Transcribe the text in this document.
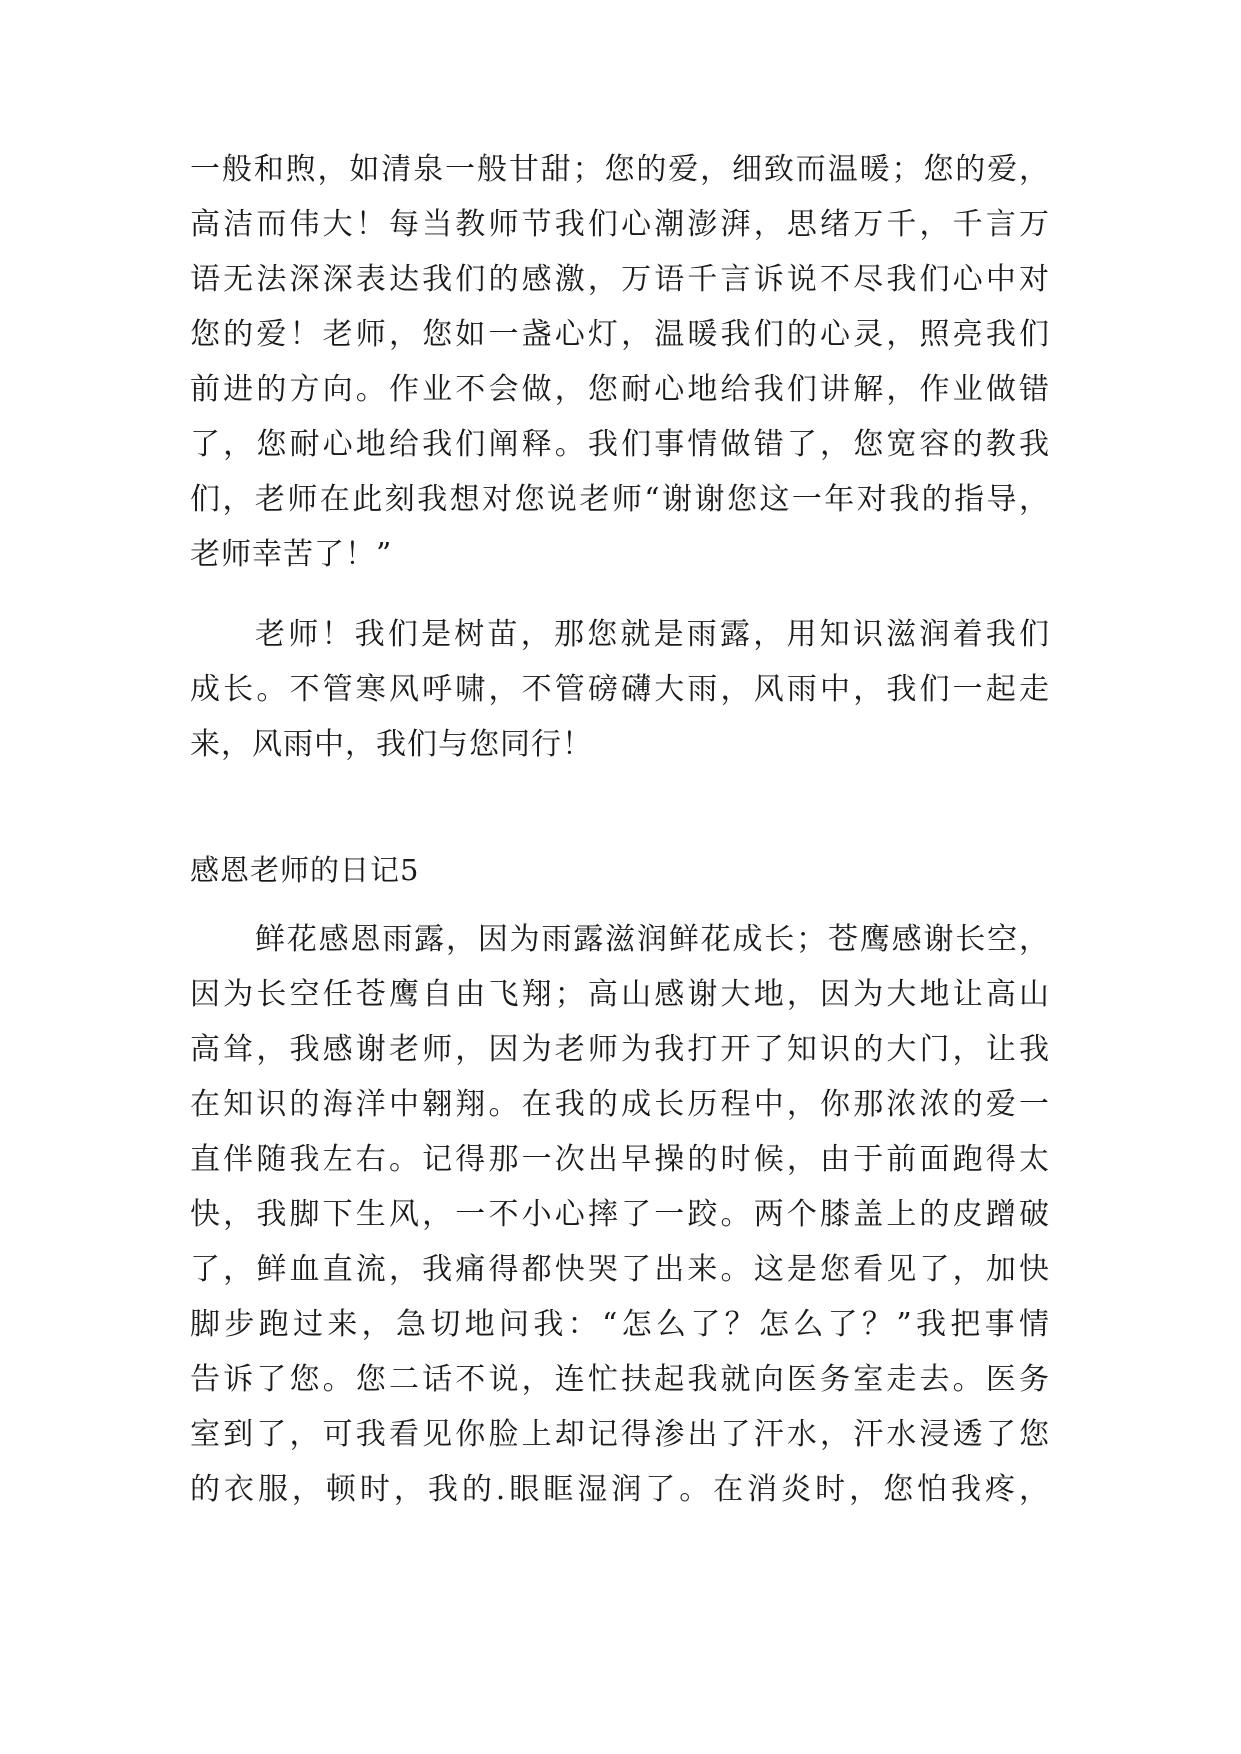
一般和煦，如清泉一般甘甜；您的爱，细致而温暖；您的爱，
高洁而伟大！每当教师节我们心潮澎湃，思绪万千，千言万
语无法深深表达我们的感激，万语千言诉说不尽我们心中对
您的爱！老师，您如一盏心灯，温暖我们的心灵，照亮我们
前进的方向。作业不会做，您耐心地给我们讲解，作业做错
了，您耐心地给我们阐释。我们事情做错了，您宽容的教我
们，老师在此刻我想对您说老师“谢谢您这一年对我的指导，
老师幸苦了！”
老师！我们是树苗，那您就是雨露，用知识滋润着我们
成长。不管寒风呼啸，不管磅礴大雨，风雨中，我们一起走
来，风雨中，我们与您同行！
感恩老师的日记5
鲜花感恩雨露，因为雨露滋润鲜花成长；苍鹰感谢长空，
因为长空任苍鹰自由飞翔；高山感谢大地，因为大地让高山
高耸，我感谢老师，因为老师为我打开了知识的大门，让我
在知识的海洋中翱翔。在我的成长历程中，你那浓浓的爱一
直伴随我左右。记得那一次出早操的时候，由于前面跑得太
快，我脚下生风，一不小心摔了一跤。两个膝盖上的皮蹭破
了，鲜血直流，我痛得都快哭了出来。这是您看见了，加快
脚步跑过来，急切地问我：“怎么了？怎么了？”我把事情
告诉了您。您二话不说，连忙扶起我就向医务室走去。医务
室到了，可我看见你脸上却记得渗出了汗水，汗水浸透了您
的衣服，顿时，我的.眼眶湿润了。在消炎时，您怕我疼，
